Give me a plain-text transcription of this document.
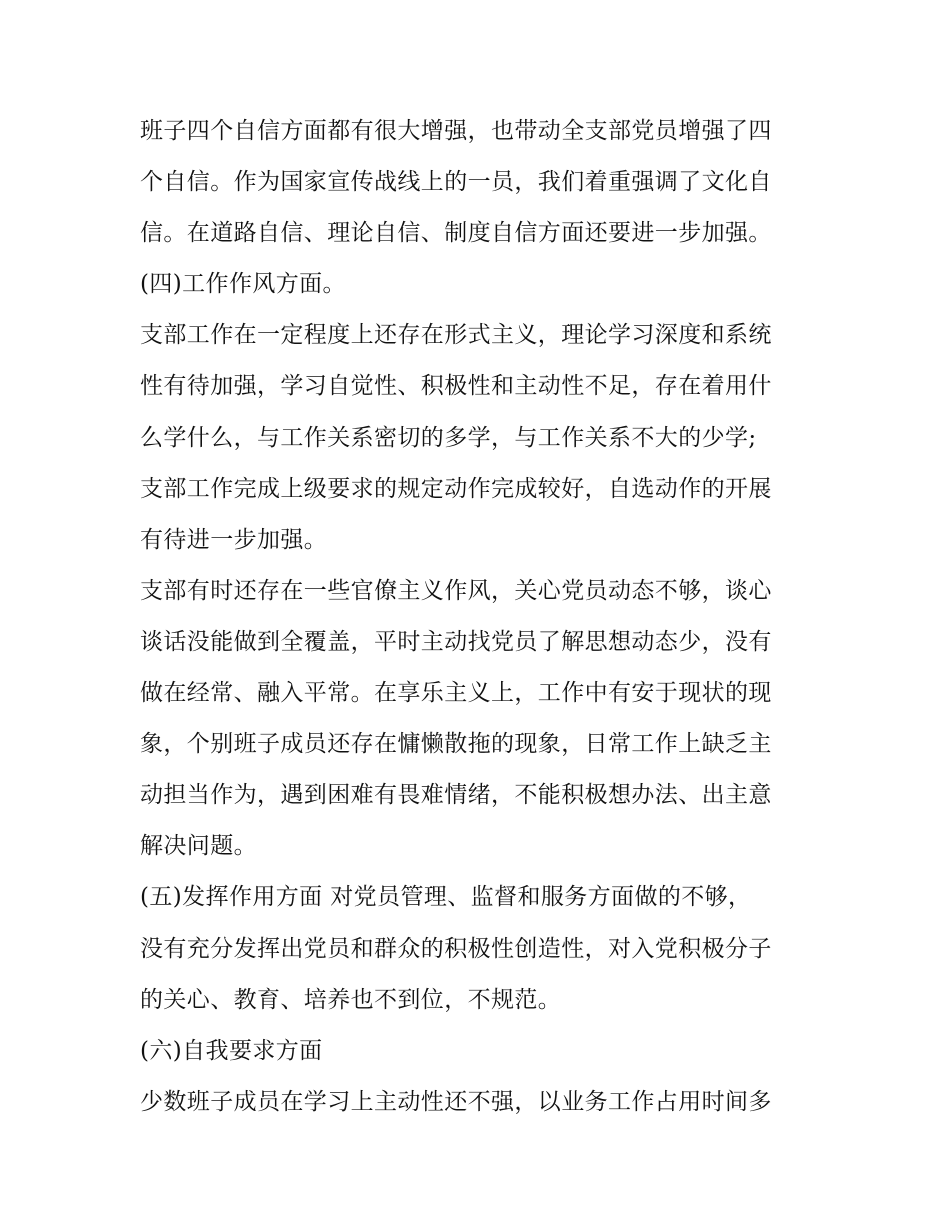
班子四个自信方面都有很大增强，也带动全支部党员增强了四
个自信。作为国家宣传战线上的一员，我们着重强调了文化自
信。在道路自信、理论自信、制度自信方面还要进一步加强。
(四)工作作风方面。
支部工作在一定程度上还存在形式主义，理论学习深度和系统
性有待加强，学习自觉性、积极性和主动性不足，存在着用什
么学什么，与工作关系密切的多学，与工作关系不大的少学;
支部工作完成上级要求的规定动作完成较好，自选动作的开展
有待进一步加强。
支部有时还存在一些官僚主义作风，关心党员动态不够，谈心
谈话没能做到全覆盖，平时主动找党员了解思想动态少，没有
做在经常、融入平常。在享乐主义上，工作中有安于现状的现
象，个别班子成员还存在慵懒散拖的现象，日常工作上缺乏主
动担当作为，遇到困难有畏难情绪，不能积极想办法、出主意
解决问题。
(五)发挥作用方面 对党员管理、监督和服务方面做的不够，
没有充分发挥出党员和群众的积极性创造性，对入党积极分子
的关心、教育、培养也不到位，不规范。
(六)自我要求方面
少数班子成员在学习上主动性还不强，以业务工作占用时间多
